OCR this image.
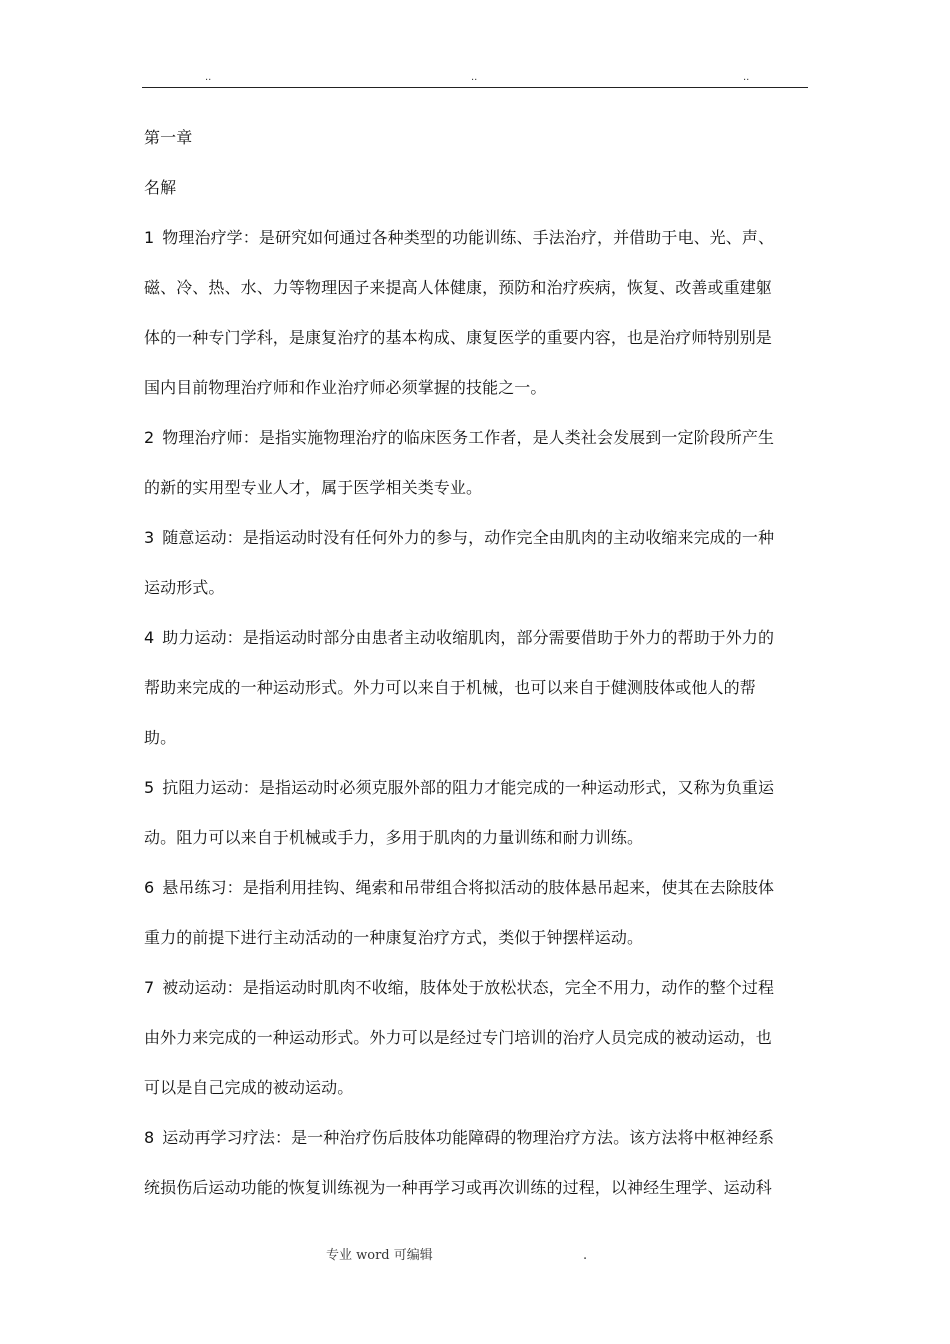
..	..	..
第一章
名解
1 物理治疗学：是研究如何通过各种类型的功能训练、手法治疗，并借助于电、光、声、
磁、冷、热、水、力等物理因子来提高人体健康，预防和治疗疾病，恢复、改善或重建躯
体的一种专门学科，是康复治疗的基本构成、康复医学的重要内容，也是治疗师特别别是
国内目前物理治疗师和作业治疗师必须掌握的技能之一。
2 物理治疗师：是指实施物理治疗的临床医务工作者，是人类社会发展到一定阶段所产生
的新的实用型专业人才，属于医学相关类专业。
3 随意运动：是指运动时没有任何外力的参与，动作完全由肌肉的主动收缩来完成的一种
运动形式。
4 助力运动：是指运动时部分由患者主动收缩肌肉，部分需要借助于外力的帮助于外力的
帮助来完成的一种运动形式。外力可以来自于机械，也可以来自于健测肢体或他人的帮
助。
5 抗阻力运动：是指运动时必须克服外部的阻力才能完成的一种运动形式，又称为负重运
动。阻力可以来自于机械或手力，多用于肌肉的力量训练和耐力训练。
6 悬吊练习：是指利用挂钩、绳索和吊带组合将拟活动的肢体悬吊起来，使其在去除肢体
重力的前提下进行主动活动的一种康复治疗方式，类似于钟摆样运动。
7 被动运动：是指运动时肌肉不收缩，肢体处于放松状态，完全不用力，动作的整个过程
由外力来完成的一种运动形式。外力可以是经过专门培训的治疗人员完成的被动运动，也
可以是自己完成的被动运动。
8 运动再学习疗法：是一种治疗伤后肢体功能障碍的物理治疗方法。该方法将中枢神经系
统损伤后运动功能的恢复训练视为一种再学习或再次训练的过程，以神经生理学、运动科
专业 word 可编辑	.
